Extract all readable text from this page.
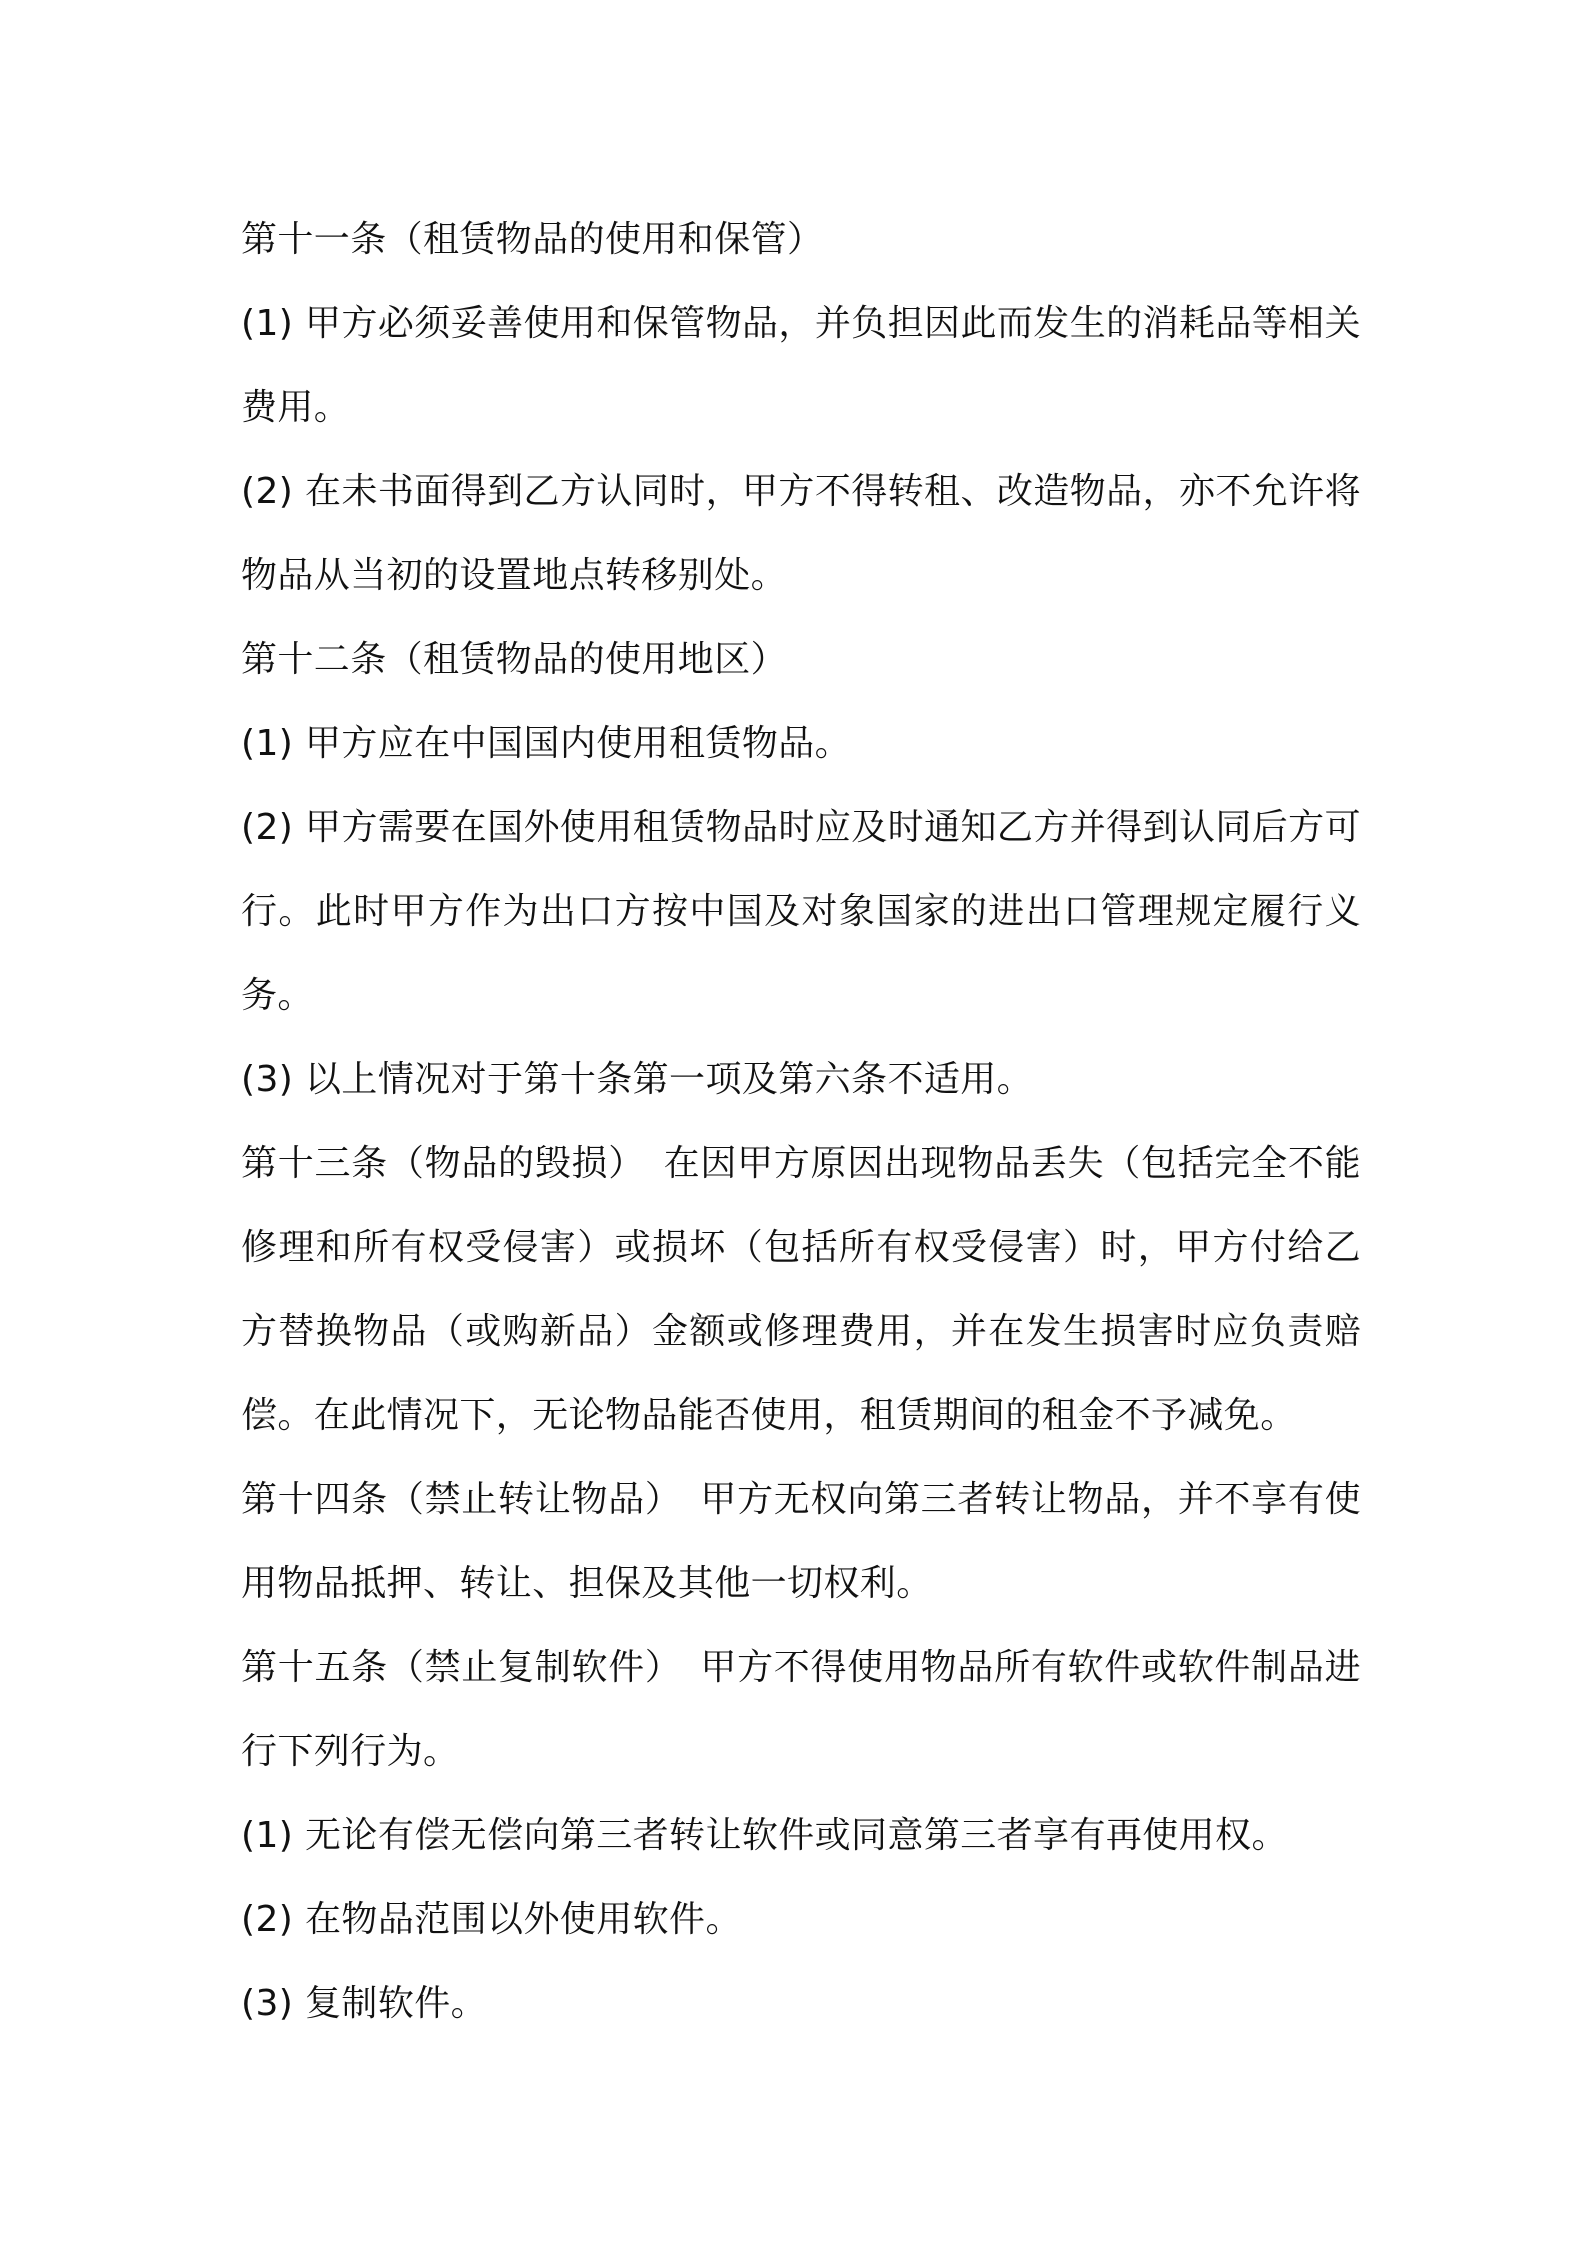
第十一条（租赁物品的使用和保管）

(1) 甲方必须妥善使用和保管物品，并负担因此而发生的消耗品等相关费用。

(2) 在未书面得到乙方认同时，甲方不得转租、改造物品，亦不允许将物品从当初的设置地点转移别处。

第十二条（租赁物品的使用地区）

(1) 甲方应在中国国内使用租赁物品。

(2) 甲方需要在国外使用租赁物品时应及时通知乙方并得到认同后方可行。此时甲方作为出口方按中国及对象国家的进出口管理规定履行义务。

(3) 以上情况对于第十条第一项及第六条不适用。

第十三条（物品的毁损）　在因甲方原因出现物品丢失（包括完全不能修理和所有权受侵害）或损坏（包括所有权受侵害）时，甲方付给乙方替换物品（或购新品）金额或修理费用，并在发生损害时应负责赔偿。在此情况下，无论物品能否使用，租赁期间的租金不予减免。

第十四条（禁止转让物品）　甲方无权向第三者转让物品，并不享有使用物品抵押、转让、担保及其他一切权利。

第十五条（禁止复制软件）　甲方不得使用物品所有软件或软件制品进行下列行为。

(1) 无论有偿无偿向第三者转让软件或同意第三者享有再使用权。

(2) 在物品范围以外使用软件。

(3) 复制软件。
